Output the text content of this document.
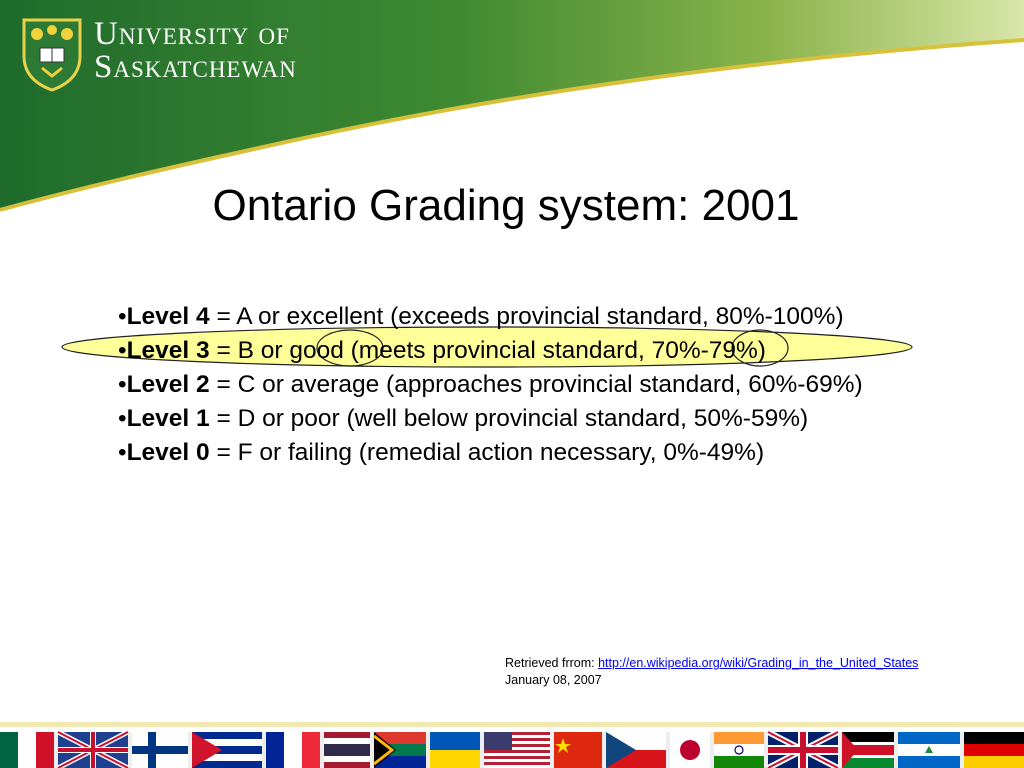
University of
Saskatchewan
Ontario Grading system: 2001
•Level 4 = A or excellent (exceeds provincial standard, 80%-100%)
•Level 3 = B or good (meets provincial standard, 70%-79%)
•Level 2 = C or average (approaches provincial standard, 60%-69%)
•Level 1 = D or poor (well below provincial standard, 50%-59%)
•Level 0 = F or failing (remedial action necessary, 0%-49%)
Retrieved frrom: http://en.wikipedia.org/wiki/Grading_in_the_United_States
January 08, 2007
